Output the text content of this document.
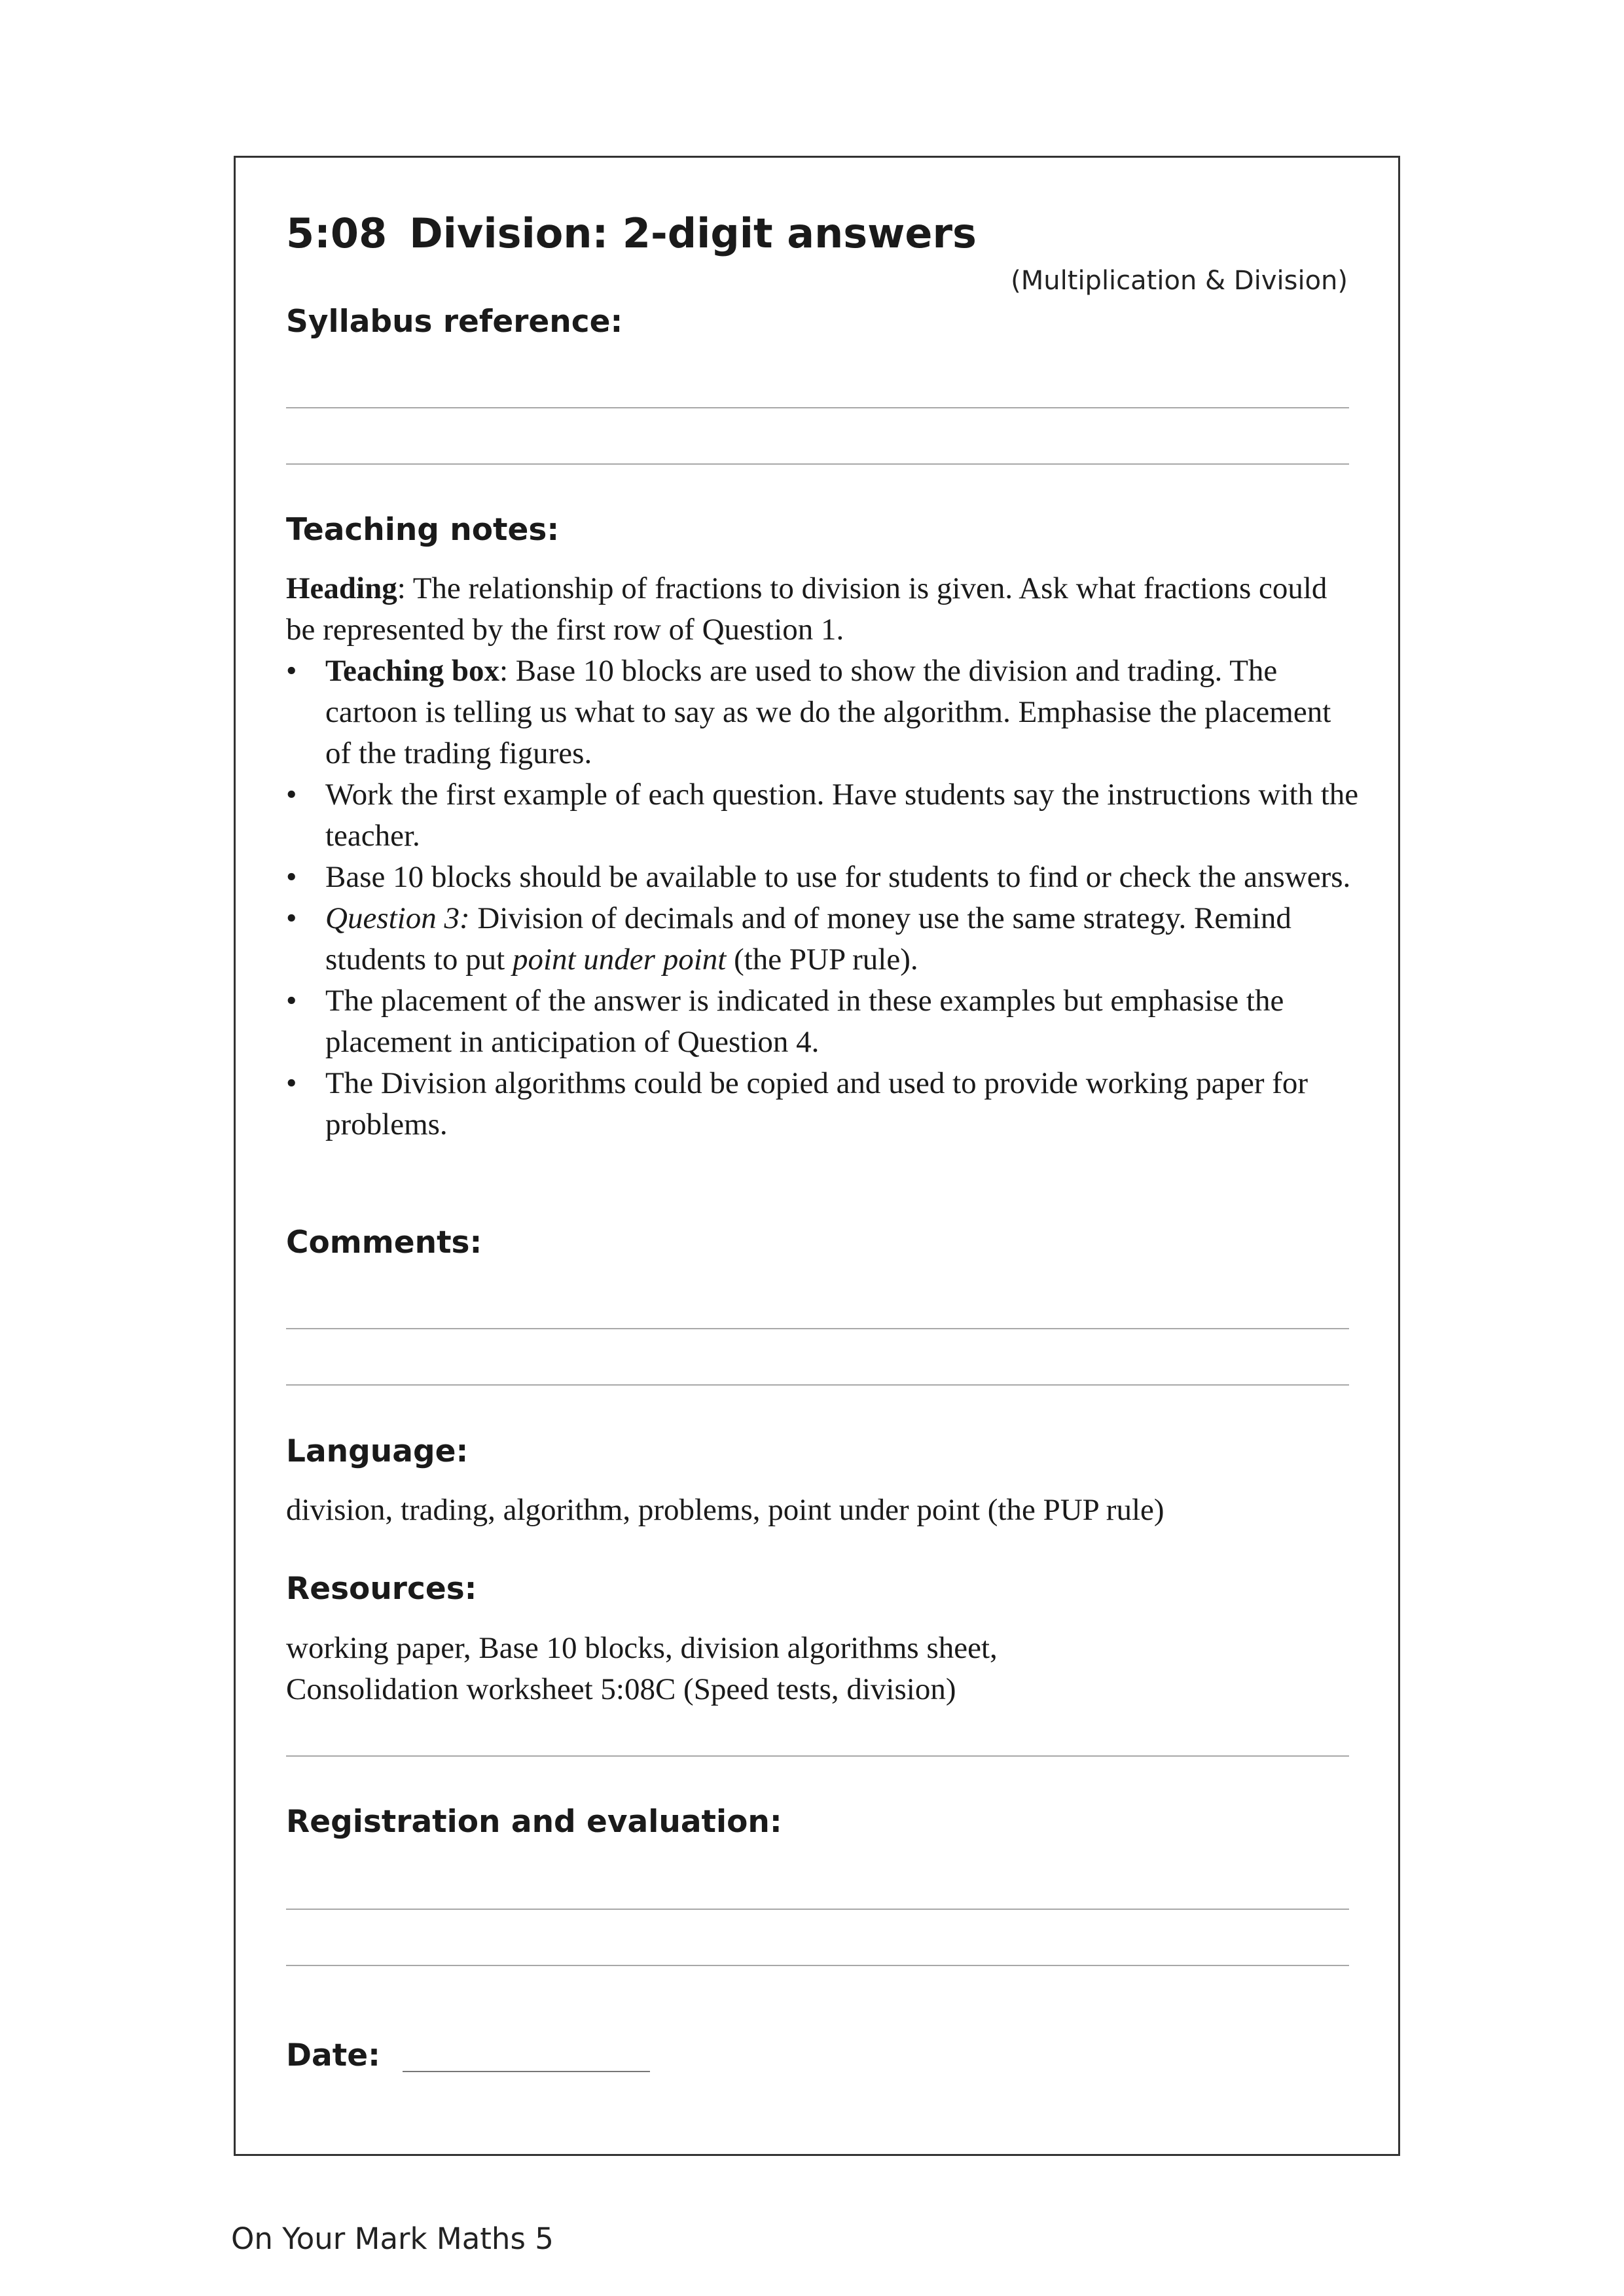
5:08 Division: 2-digit answers
(Multiplication & Division)
Syllabus reference:
Teaching notes:

Heading: The relationship of fractions to division is given. Ask what fractions could be represented by the first row of Question 1.

• Teaching box: Base 10 blocks are used to show the division and trading. The cartoon is telling us what to say as we do the algorithm. Emphasise the placement of the trading figures.
• Work the first example of each question. Have students say the instructions with the teacher.
• Base 10 blocks should be available to use for students to find or check the answers.
• Question 3: Division of decimals and of money use the same strategy. Remind students to put point under point (the PUP rule).
• The placement of the answer is indicated in these examples but emphasise the placement in anticipation of Question 4.
• The Division algorithms could be copied and used to provide working paper for problems.
Comments:
Language:
division, trading, algorithm, problems, point under point (the PUP rule)
Resources:

working paper, Base 10 blocks, division algorithms sheet,

Consolidation worksheet 5:08C (Speed tests, division)

Registration and evaluation:
Date:
On Your Mark Maths 5
